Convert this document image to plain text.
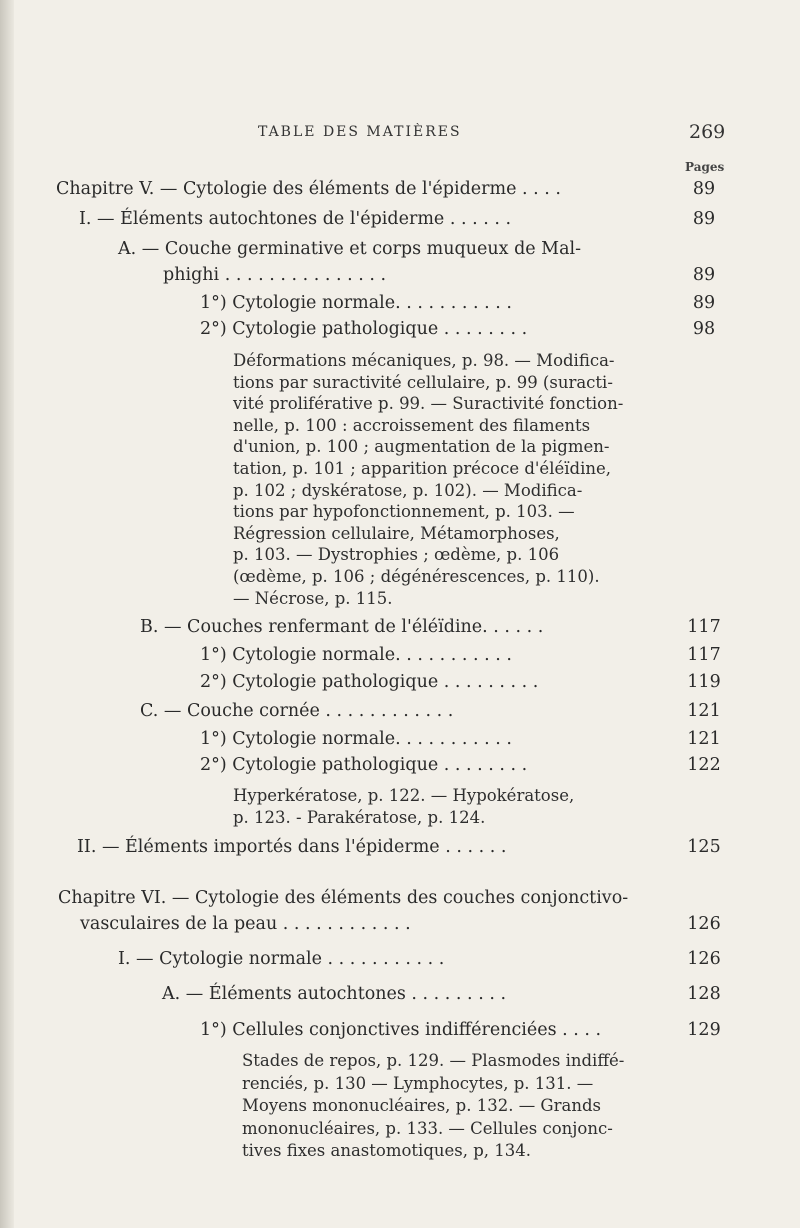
TABLE DES MATIÈRES	269
Pages
Chapitre V. — Cytologie des éléments de l'épiderme . . . .	89
I. — Éléments autochtones de l'épiderme . . . . . .	89
A. — Couche germinative et corps muqueux de Mal-
phighi . . . . . . . . . . . . . . .	89
1°) Cytologie normale. . . . . . . . . . .	89
2°) Cytologie pathologique . . . . . . . .	98
Déformations mécaniques, p. 98. — Modifica-
tions par suractivité cellulaire, p. 99 (suracti-
vité proliférative p. 99. — Suractivité fonction-
nelle, p. 100 : accroissement des filaments
d'union, p. 100 ; augmentation de la pigmen-
tation, p. 101 ; apparition précoce d'éléïdine,
p. 102 ; dyskératose, p. 102). — Modifica-
tions par hypofonctionnement, p. 103. —
Régression cellulaire, Métamorphoses,
p. 103. — Dystrophies ; œdème, p. 106
(œdème, p. 106 ; dégénérescences, p. 110).
— Nécrose, p. 115.
B. — Couches renfermant de l'éléïdine. . . . . .	117
1°) Cytologie normale. . . . . . . . . . .	117
2°) Cytologie pathologique . . . . . . . . .	119
C. — Couche cornée . . . . . . . . . . . .	121
1°) Cytologie normale. . . . . . . . . . .	121
2°) Cytologie pathologique . . . . . . . .	122
Hyperkératose, p. 122. — Hypokératose,
p. 123. - Parakératose, p. 124.
II. — Éléments importés dans l'épiderme . . . . . .	125
Chapitre VI. — Cytologie des éléments des couches conjonctivo-
vasculaires de la peau . . . . . . . . . . . .	126
I. — Cytologie normale . . . . . . . . . . .	126
A. — Éléments autochtones . . . . . . . . .	128
1°) Cellules conjonctives indifférenciées . . . .	129
Stades de repos, p. 129. — Plasmodes indiffé-
renciés, p. 130 — Lymphocytes, p. 131. —
Moyens mononucléaires, p. 132. — Grands
mononucléaires, p. 133. — Cellules conjonc-
tives fixes anastomotiques, p, 134.
